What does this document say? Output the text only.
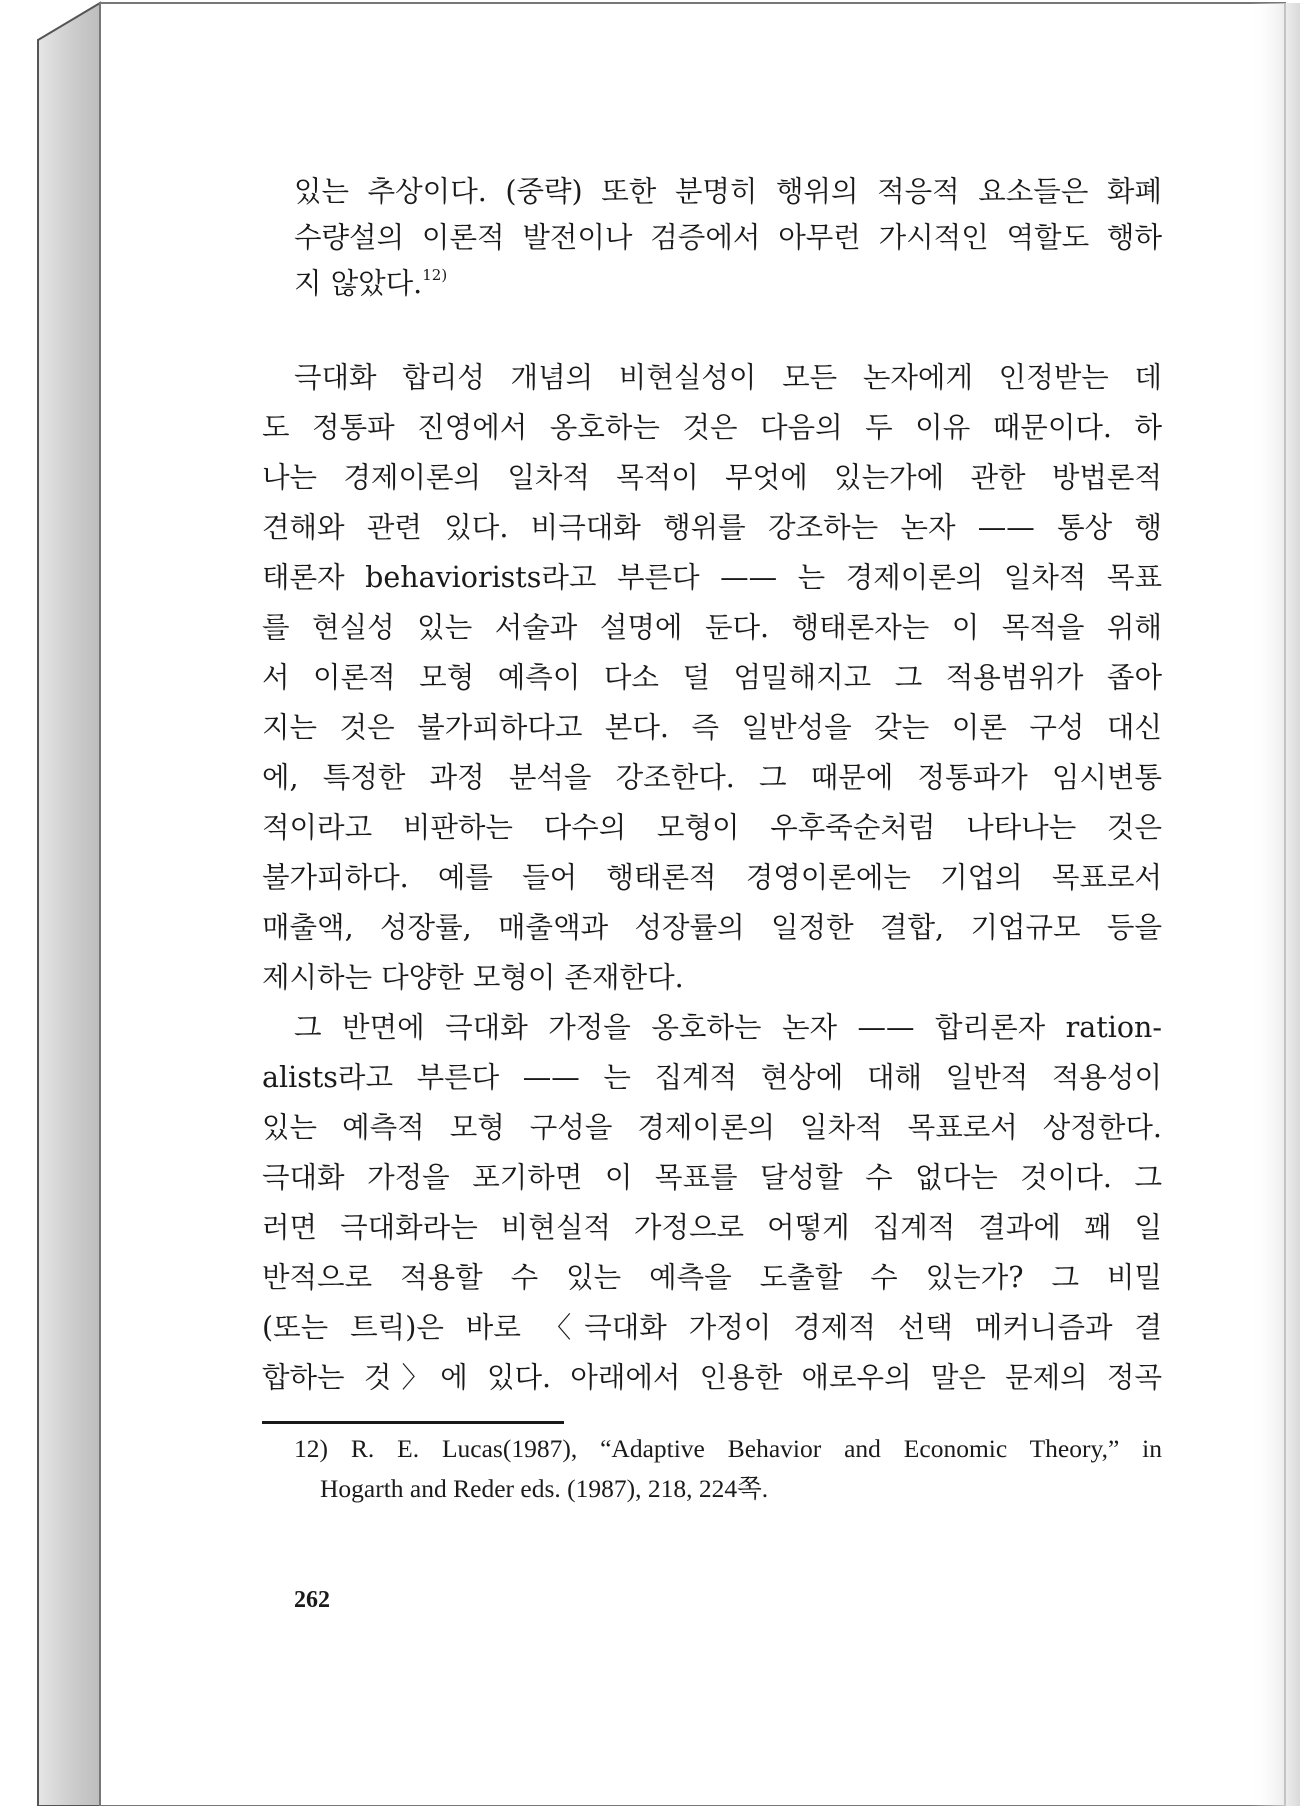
있는 추상이다. (중략) 또한 분명히 행위의 적응적 요소들은 화폐
수량설의 이론적 발전이나 검증에서 아무런 가시적인 역할도 행하
지 않았다.$^{12)}$
극대화 합리성 개념의 비현실성이 모든 논자에게 인정받는 데
도 정통파 진영에서 옹호하는 것은 다음의 두 이유 때문이다. 하
나는 경제이론의 일차적 목적이 무엇에 있는가에 관한 방법론적
견해와 관련 있다. 비극대화 행위를 강조하는 논자 —— 통상 행
태론자 behaviorists라고 부른다 —— 는 경제이론의 일차적 목표
를 현실성 있는 서술과 설명에 둔다. 행태론자는 이 목적을 위해
서 이론적 모형 예측이 다소 덜 엄밀해지고 그 적용범위가 좁아
지는 것은 불가피하다고 본다. 즉 일반성을 갖는 이론 구성 대신
에, 특정한 과정 분석을 강조한다. 그 때문에 정통파가 임시변통
적이라고 비판하는 다수의 모형이 우후죽순처럼 나타나는 것은
불가피하다. 예를 들어 행태론적 경영이론에는 기업의 목표로서
매출액, 성장률, 매출액과 성장률의 일정한 결합, 기업규모 등을
제시하는 다양한 모형이 존재한다.
그 반면에 극대화 가정을 옹호하는 논자 —— 합리론자 ration-
alists라고 부른다 —— 는 집계적 현상에 대해 일반적 적용성이
있는 예측적 모형 구성을 경제이론의 일차적 목표로서 상정한다.
극대화 가정을 포기하면 이 목표를 달성할 수 없다는 것이다. 그
러면 극대화라는 비현실적 가정으로 어떻게 집계적 결과에 꽤 일
반적으로 적용할 수 있는 예측을 도출할 수 있는가? 그 비밀
(또는 트릭)은 바로 〈극대화 가정이 경제적 선택 메커니즘과 결
합하는 것〉에 있다. 아래에서 인용한 애로우의 말은 문제의 정곡
12) R. E. Lucas(1987), “Adaptive Behavior and Economic Theory,” in
Hogarth and Reder eds. (1987), 218, 224쪽.
262
